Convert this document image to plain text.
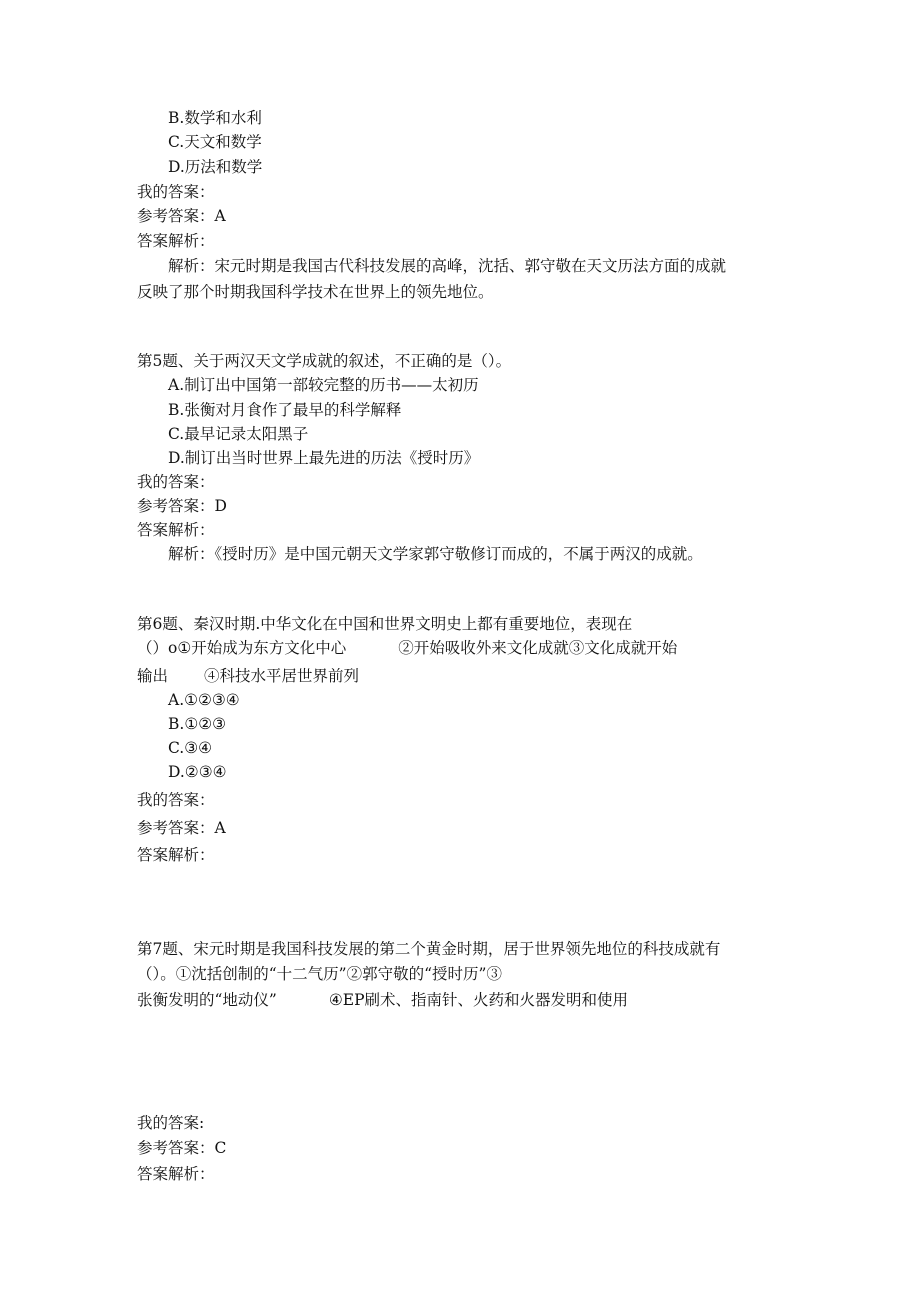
B.数学和水利
C.天文和数学
D.历法和数学
我的答案：
参考答案：A
答案解析：
解析：宋元时期是我国古代科技发展的高峰，沈括、郭守敬在天文历法方面的成就
反映了那个时期我国科学技术在世界上的领先地位。
第5题、关于两汉天文学成就的叙述，不正确的是（）。
A.制订出中国第一部较完整的历书——太初历
B.张衡对月食作了最早的科学解释
C.最早记录太阳黑子
D.制订出当时世界上最先进的历法《授时历》
我的答案：
参考答案：D
答案解析：
解析：《授时历》是中国元朝天文学家郭守敬修订而成的，不属于两汉的成就。
第6题、秦汉时期.中华文化在中国和世界文明史上都有重要地位，表现在
（）o①开始成为东方文化中心	②开始吸收外来文化成就③文化成就开始
输出 ④科技水平居世界前列
A.①②③④
B.①②③
C.③④
D.②③④
我的答案：
参考答案：A
答案解析：
第7题、宋元时期是我国科技发展的第二个黄金时期，居于世界领先地位的科技成就有
（）。①沈括创制的“十二气历”②郭守敬的“授时历”③
张衡发明的“地动仪”	④EP刷术、指南针、火药和火器发明和使用
我的答案:
参考答案：C
答案解析：
